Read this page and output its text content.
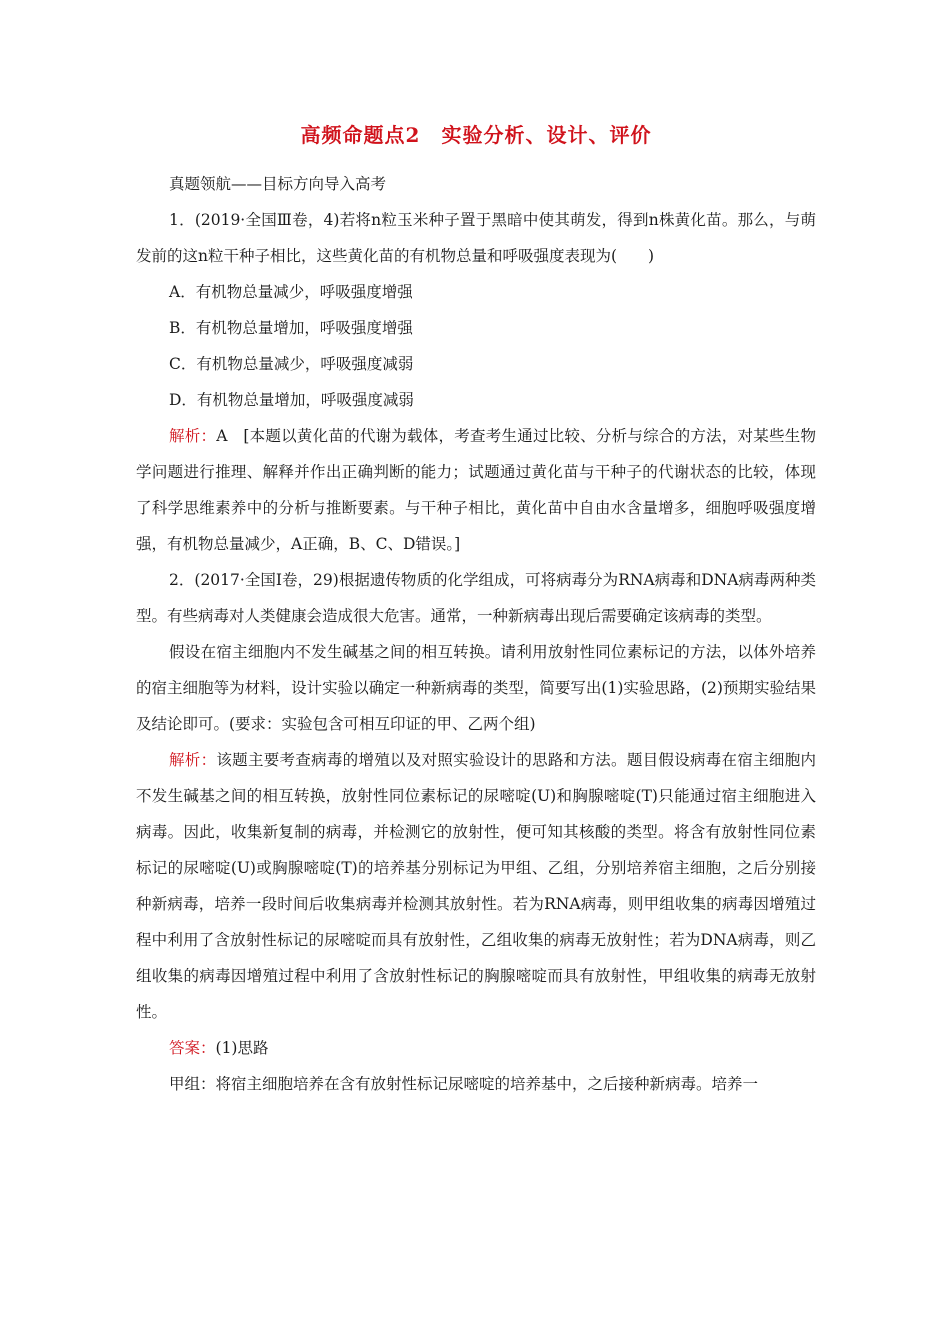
高频命题点2　实验分析、设计、评价

真题领航——目标方向导入高考

1．(2019·全国Ⅲ卷，4)若将n粒玉米种子置于黑暗中使其萌发，得到n株黄化苗。那么，与萌发前的这n粒干种子相比，这些黄化苗的有机物总量和呼吸强度表现为(　　)

A．有机物总量减少，呼吸强度增强

B．有机物总量增加，呼吸强度增强

C．有机物总量减少，呼吸强度减弱

D．有机物总量增加，呼吸强度减弱

解析：A　[本题以黄化苗的代谢为载体，考查考生通过比较、分析与综合的方法，对某些生物学问题进行推理、解释并作出正确判断的能力；试题通过黄化苗与干种子的代谢状态的比较，体现了科学思维素养中的分析与推断要素。与干种子相比，黄化苗中自由水含量增多，细胞呼吸强度增强，有机物总量减少，A正确，B、C、D错误。]

2．(2017·全国Ⅰ卷，29)根据遗传物质的化学组成，可将病毒分为RNA病毒和DNA病毒两种类型。有些病毒对人类健康会造成很大危害。通常，一种新病毒出现后需要确定该病毒的类型。

假设在宿主细胞内不发生碱基之间的相互转换。请利用放射性同位素标记的方法，以体外培养的宿主细胞等为材料，设计实验以确定一种新病毒的类型，简要写出(1)实验思路，(2)预期实验结果及结论即可。(要求：实验包含可相互印证的甲、乙两个组)

解析：该题主要考查病毒的增殖以及对照实验设计的思路和方法。题目假设病毒在宿主细胞内不发生碱基之间的相互转换，放射性同位素标记的尿嘧啶(U)和胸腺嘧啶(T)只能通过宿主细胞进入病毒。因此，收集新复制的病毒，并检测它的放射性，便可知其核酸的类型。将含有放射性同位素标记的尿嘧啶(U)或胸腺嘧啶(T)的培养基分别标记为甲组、乙组，分别培养宿主细胞，之后分别接种新病毒，培养一段时间后收集病毒并检测其放射性。若为RNA病毒，则甲组收集的病毒因增殖过程中利用了含放射性标记的尿嘧啶而具有放射性，乙组收集的病毒无放射性；若为DNA病毒，则乙组收集的病毒因增殖过程中利用了含放射性标记的胸腺嘧啶而具有放射性，甲组收集的病毒无放射性。

答案：(1)思路

甲组：将宿主细胞培养在含有放射性标记尿嘧啶的培养基中，之后接种新病毒。培养一
